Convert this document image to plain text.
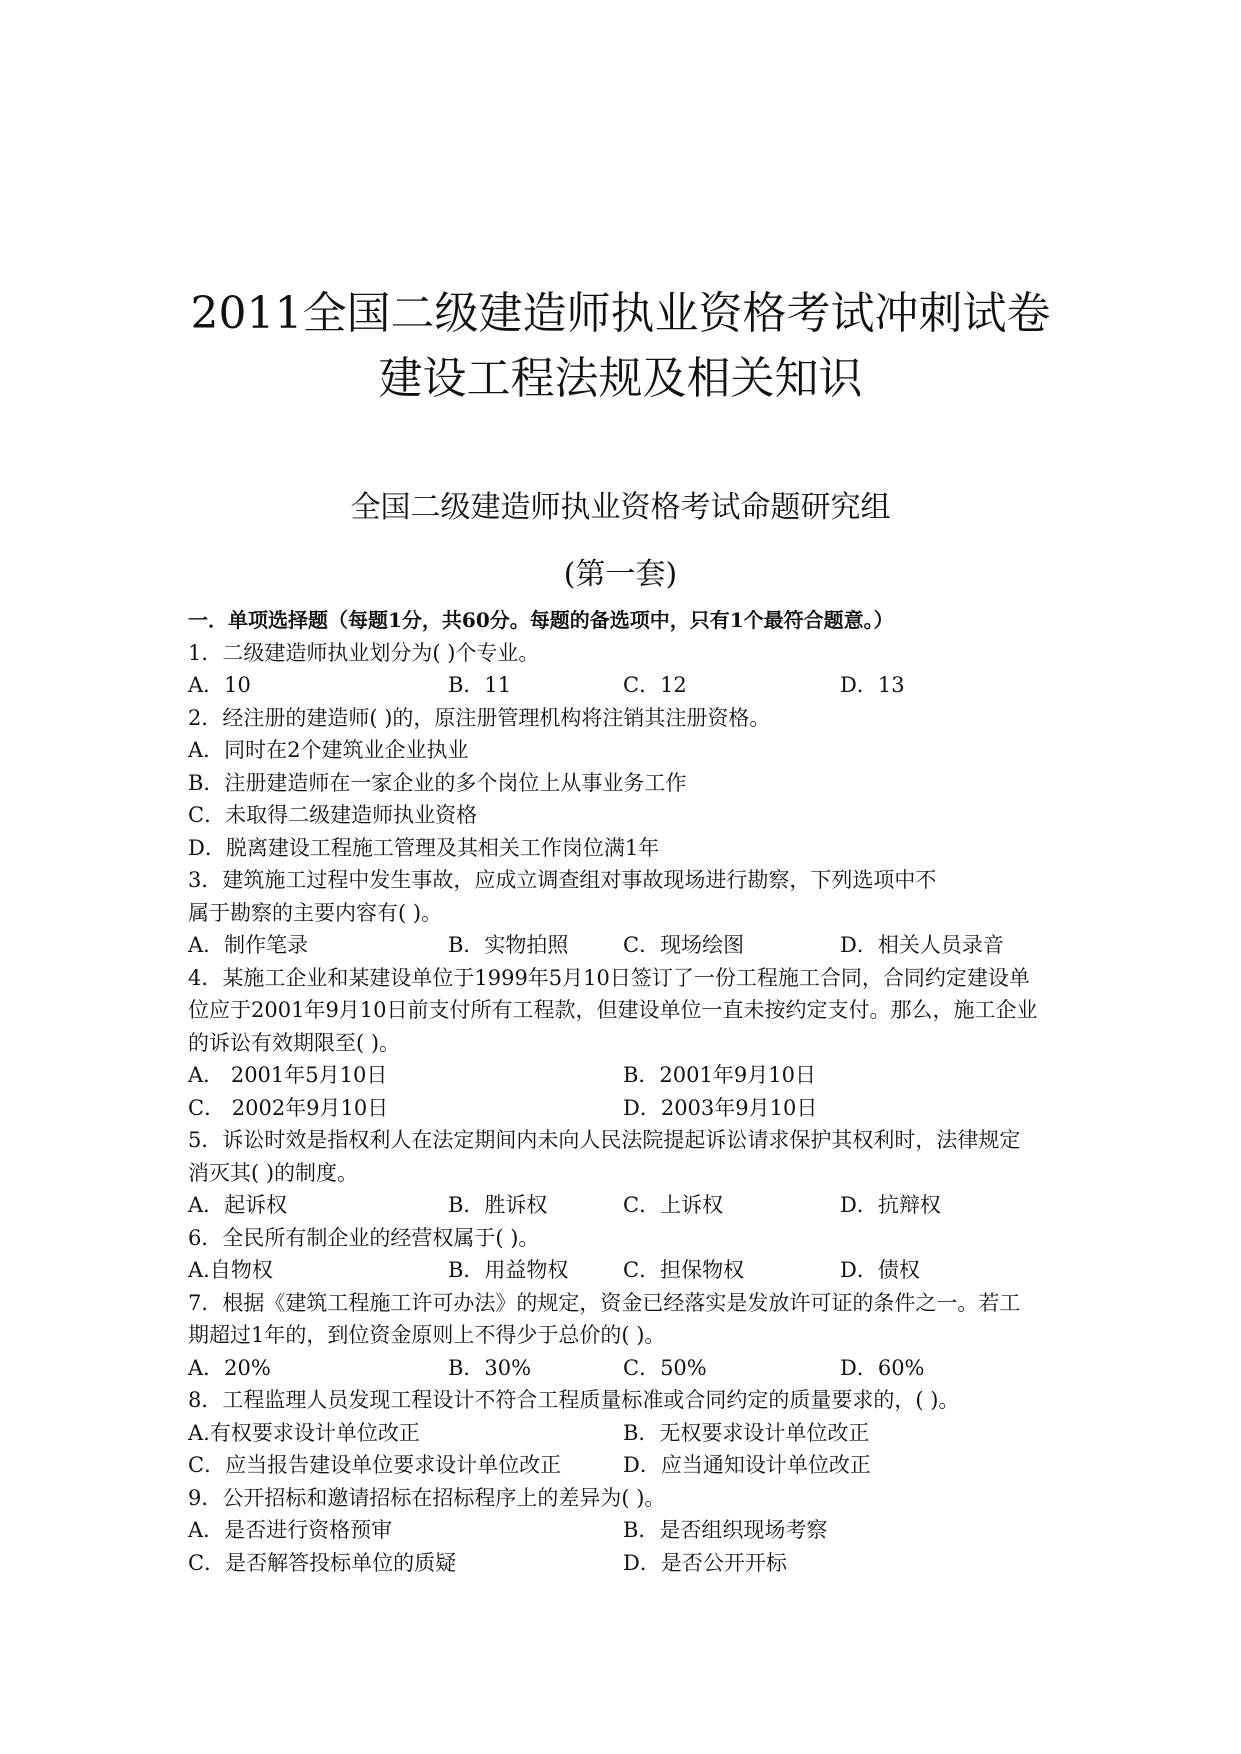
2011全国二级建造师执业资格考试冲刺试卷
建设工程法规及相关知识
全国二级建造师执业资格考试命题研究组
(第一套)
一．单项选择题（每题1分，共60分。每题的备选项中，只有1个最符合题意。）
1．二级建造师执业划分为( )个专业。
A．10	B．11	C．12	D．13
2．经注册的建造师( )的，原注册管理机构将注销其注册资格。
A．同时在2个建筑业企业执业
B．注册建造师在一家企业的多个岗位上从事业务工作
C．未取得二级建造师执业资格
D．脱离建设工程施工管理及其相关工作岗位满1年
3．建筑施工过程中发生事故，应成立调查组对事故现场进行勘察，下列选项中不
属于勘察的主要内容有( )。
A．制作笔录	B．实物拍照	C．现场绘图	D．相关人员录音
4．某施工企业和某建设单位于1999年5月10日签订了一份工程施工合同，合同约定建设单
位应于2001年9月10日前支付所有工程款，但建设单位一直未按约定支付。那么，施工企业
的诉讼有效期限至( )。
A． 2001年5月10日	B．2001年9月10日
C． 2002年9月10日	D．2003年9月10日
5．诉讼时效是指权利人在法定期间内未向人民法院提起诉讼请求保护其权利时，法律规定
消灭其( )的制度。
A．起诉权	B．胜诉权	C．上诉权	D．抗辩权
6．全民所有制企业的经营权属于( )。
A.自物权	B．用益物权	C．担保物权	D．债权
7．根据《建筑工程施工许可办法》的规定，资金已经落实是发放许可证的条件之一。若工
期超过1年的，到位资金原则上不得少于总价的( )。
A．20%	B．30%	C．50%	D．60%
8．工程监理人员发现工程设计不符合工程质量标准或合同约定的质量要求的，( )。
A.有权要求设计单位改正	B．无权要求设计单位改正
C．应当报告建设单位要求设计单位改正	D．应当通知设计单位改正
9．公开招标和邀请招标在招标程序上的差异为( )。
A．是否进行资格预审	B．是否组织现场考察
C．是否解答投标单位的质疑	D．是否公开开标
